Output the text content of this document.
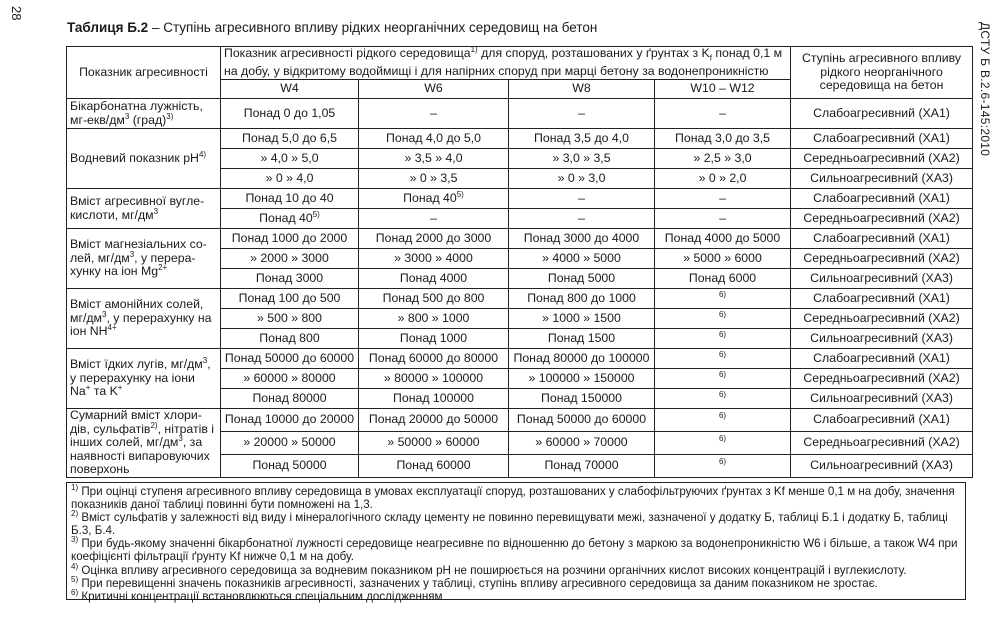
28
ДСТУ Б В.2.6-145:2010
Таблиця Б.2 – Ступінь агресивного впливу рідких неорганічних середовищ на бетон
Показник агресивності	Показник агресивності рідкого середовища$^{1)}$ для споруд, розташованих у ґрунтах з $K_f$ понад 0,1 м на добу, у відкритому водоймищі і для напірних споруд при марці бетону за водонепроникністю				Ступінь агресивного впливу рідкого неорганічного середовища на бетон
	W4	W6	W8	W10 – W12	
Бікарбонатна лужність, $мг-екв/дм^3$ (град)$^{3)}$	Понад 0 до 1,05	–	–	–	Слабоагресивний (ХА1)
Водневий показник $pH^{4)}$	Понад 5,0 до 6,5	Понад 4,0 до 5,0	Понад 3,5 до 4,0	Понад 3,0 до 3,5	Слабоагресивний (ХА1)
	» 4,0 » 5,0	» 3,5 » 4,0	» 3,0 » 3,5	» 2,5 » 3,0	Середньоагресивний (ХА2)
	» 0 » 4,0	» 0 » 3,5	» 0 » 3,0	» 0 » 2,0	Сильноагресивний (ХА3)
Вміст агресивної вугле-кислоти, $мг/дм^3$	Понад 10 до 40	Понад 40$^{5)}$	–	–	Слабоагресивний (ХА1)
	Понад 40$^{5)}$	–	–	–	Середньоагресивний (ХА2)
Вміст магнезіальних со-лей, $мг/дм^3$, у перера-хунку на іон $Mg^{2+}$	Понад 1000 до 2000	Понад 2000 до 3000	Понад 3000 до 4000	Понад 4000 до 5000	Слабоагресивний (ХА1)
	» 2000 » 3000	» 3000 » 4000	» 4000 » 5000	» 5000 » 6000	Середньоагресивний (ХА2)
	Понад 3000	Понад 4000	Понад 5000	Понад 6000	Сильноагресивний (ХА3)
Вміст амонійних солей, $мг/дм^3$, у перерахунку на іон $NH^{4+}$	Понад 100 до 500	Понад 500 до 800	Понад 800 до 1000	$^{6)}$	Слабоагресивний (ХА1)
	» 500 » 800	» 800 » 1000	» 1000 » 1500	$^{6)}$	Середньоагресивний (ХА2)
	Понад 800	Понад 1000	Понад 1500	$^{6)}$	Сильноагресивний (ХА3)
Вміст їдких лугів, $мг/дм^3$, у перерахунку на іони Na+ та K+	Понад 50000 до 60000	Понад 60000 до 80000	Понад 80000 до 100000	$^{6)}$	Слабоагресивний (ХА1)
	» 60000 » 80000	» 80000 » 100000	» 100000 » 150000	$^{6)}$	Середньоагресивний (ХА2)
	Понад 80000	Понад 100000	Понад 150000	$^{6)}$	Сильноагресивний (ХА3)
Сумарний вміст хлори-дів, сульфатів$^{2)}$, нітратів і інших солей, $мг/дм^3$, за наявності випаровуючих поверхонь	Понад 10000 до 20000	Понад 20000 до 50000	Понад 50000 до 60000	$^{6)}$	Слабоагресивний (ХА1)
	» 20000 » 50000	» 50000 » 60000	» 60000 » 70000	$^{6)}$	Середньоагресивний (ХА2)
	Понад 50000	Понад 60000	Понад 70000	$^{6)}$	Сильноагресивний (ХА3)

$^{1)}$ При оцінці ступеня агресивного впливу середовища в умовах експлуатації споруд, розташованих у слабофільтруючих ґрунтах з Kf менше 0,1 м на добу, значення показників даної таблиці повинні бути помножені на 1,3.

$^{2)}$ Вміст сульфатів у залежності від виду і мінералогічного складу цементу не повинно перевищувати межі, зазначеної у додатку Б, таблиці Б.1 і додатку Б, таблиці Б.3, Б.4.

$^{3)}$ При будь-якому значенні бікарбонатної лужності середовище неагресивне по відношенню до бетону з маркою за водонепроникністю W6 і більше, а також W4 при коефіцієнті фільтрації ґрунту Kf нижче 0,1 м на добу.

$^{4)}$ Оцінка впливу агресивного середовища за водневим показником pH не поширюється на розчини органічних кислот високих концентрацій і вуглекислоту.

$^{5)}$ При перевищенні значень показників агресивності, зазначених у таблиці, ступінь впливу агресивного середовища за даним показником не зростає.

$^{6)}$ Критичні концентрації встановлюються спеціальним дослідженням
